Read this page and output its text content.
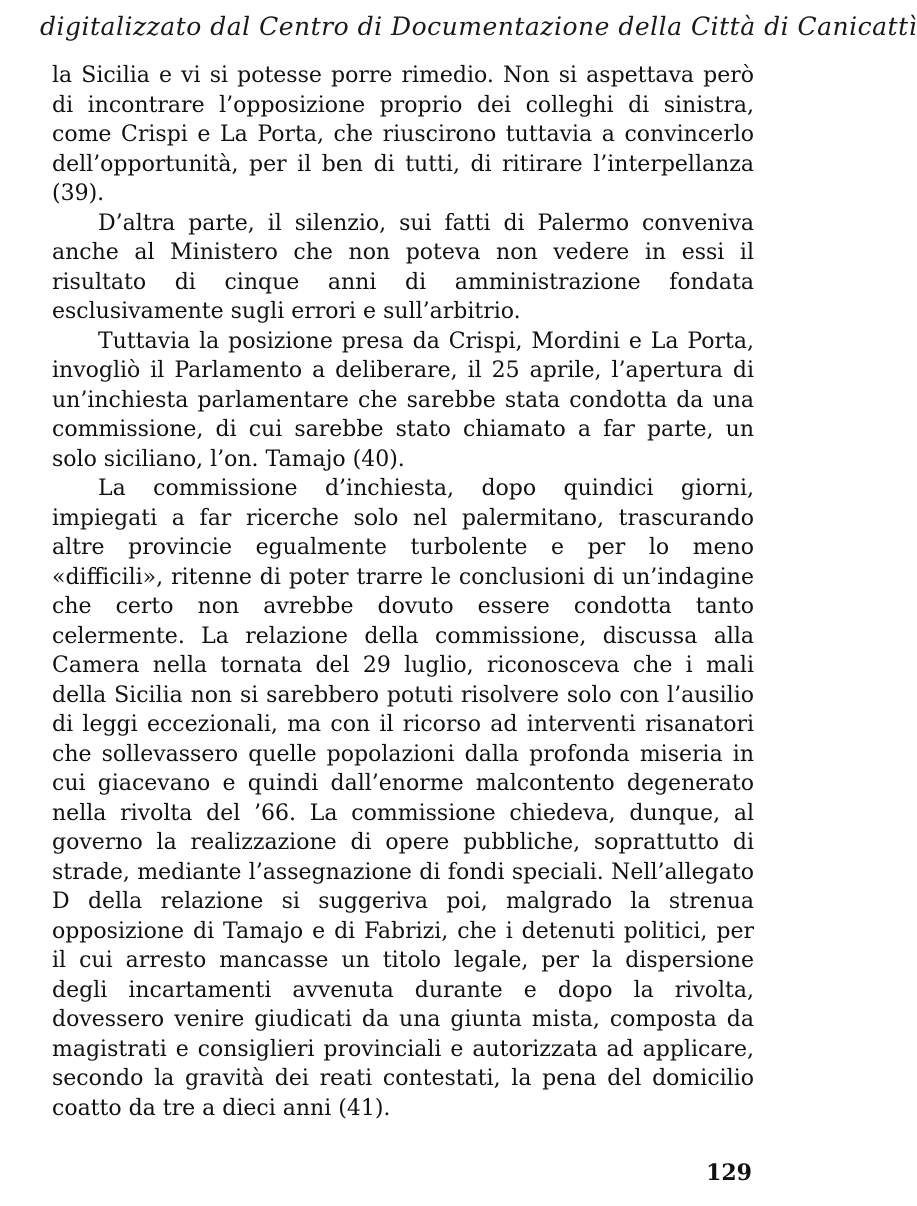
digitalizzato dal Centro di Documentazione della Città di Canicattì

la Sicilia e vi si potesse porre rimedio. Non si aspettava però di incontrare l’opposizione proprio dei colleghi di sinistra, come Crispi e La Porta, che riuscirono tuttavia a convincerlo dell’opportunità, per il ben di tutti, di ritirare l’interpellanza (39).

D’altra parte, il silenzio, sui fatti di Palermo conveniva anche al Ministero che non poteva non vedere in essi il risultato di cinque anni di amministrazione fondata esclusivamente sugli errori e sull’arbitrio.

Tuttavia la posizione presa da Crispi, Mordini e La Porta, invogliò il Parlamento a deliberare, il 25 aprile, l’apertura di un’inchiesta parlamentare che sarebbe stata condotta da una commissione, di cui sarebbe stato chiamato a far parte, un solo siciliano, l’on. Tamajo (40).

La commissione d’inchiesta, dopo quindici giorni, impiegati a far ricerche solo nel palermitano, trascurando altre provincie egualmente turbolente e per lo meno «difficili», ritenne di poter trarre le conclusioni di un’indagine che certo non avrebbe dovuto essere condotta tanto celermente. La relazione della commissione, discussa alla Camera nella tornata del 29 luglio, riconosceva che i mali della Sicilia non si sarebbero potuti risolvere solo con l’ausilio di leggi eccezionali, ma con il ricorso ad interventi risanatori che sollevassero quelle popolazioni dalla profonda miseria in cui giacevano e quindi dall’enorme malcontento degenerato nella rivolta del ’66. La commissione chiedeva, dunque, al governo la realizzazione di opere pubbliche, soprattutto di strade, mediante l’assegnazione di fondi speciali. Nell’allegato D della relazione si suggeriva poi, malgrado la strenua opposizione di Tamajo e di Fabrizi, che i detenuti politici, per il cui arresto mancasse un titolo legale, per la dispersione degli incartamenti avvenuta durante e dopo la rivolta, dovessero venire giudicati da una giunta mista, composta da magistrati e consiglieri provinciali e autorizzata ad applicare, secondo la gravità dei reati contestati, la pena del domicilio coatto da tre a dieci anni (41).

129
